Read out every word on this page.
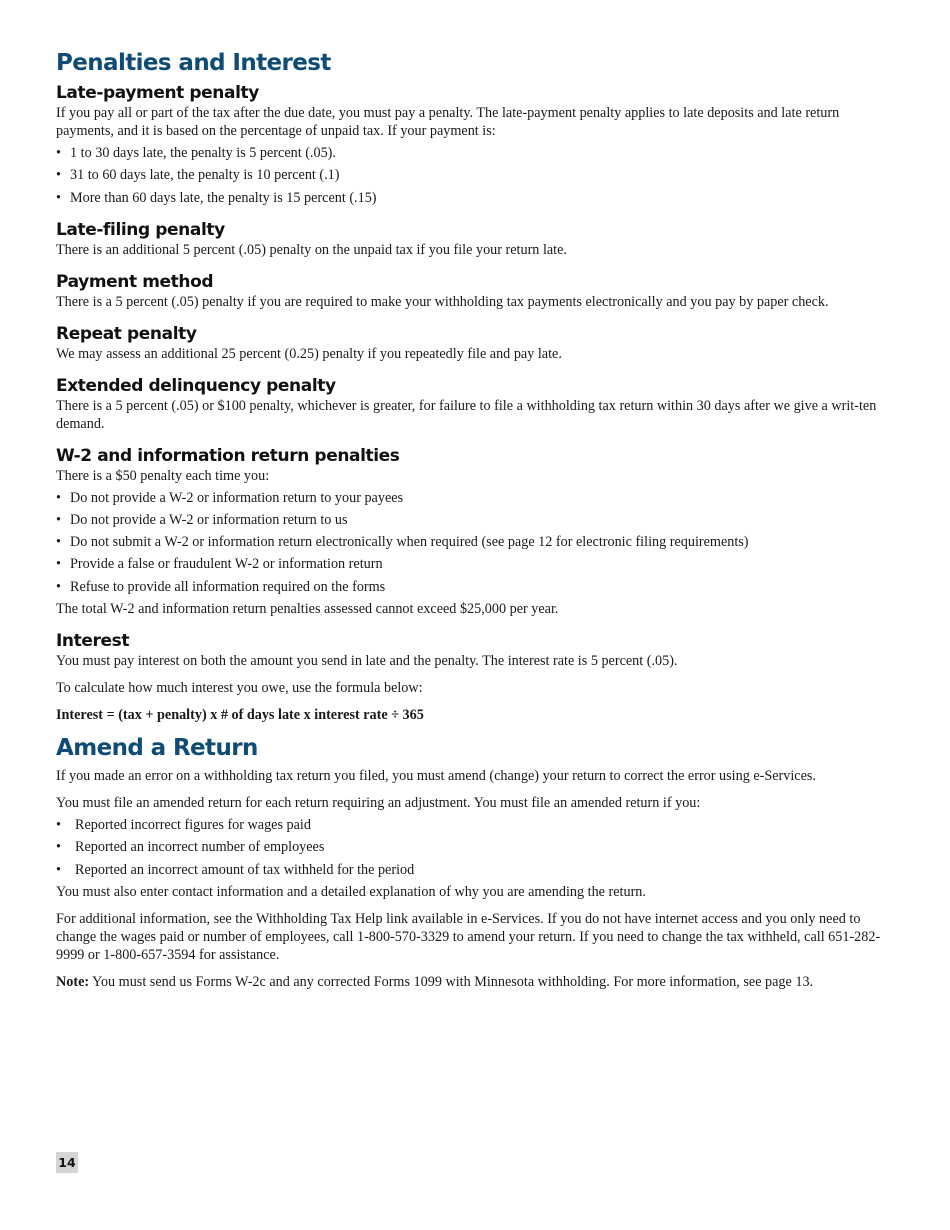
Penalties and Interest
Late-payment penalty

If you pay all or part of the tax after the due date, you must pay a penalty. The late-payment penalty applies to late deposits and late return payments, and it is based on the percentage of unpaid tax. If your payment is:

• 1 to 30 days late, the penalty is 5 percent (.05).
• 31 to 60 days late, the penalty is 10 percent (.1)
• More than 60 days late, the penalty is 15 percent (.15)
Late-filing penalty

There is an additional 5 percent (.05) penalty on the unpaid tax if you file your return late.

Payment method

There is a 5 percent (.05) penalty if you are required to make your withholding tax payments electronically and you pay by paper check.

Repeat penalty

We may assess an additional 25 percent (0.25) penalty if you repeatedly file and pay late.

Extended delinquency penalty

There is a 5 percent (.05) or $100 penalty, whichever is greater, for failure to file a withholding tax return within 30 days after we give a writ-ten demand.

W-2 and information return penalties

There is a $50 penalty each time you:

• Do not provide a W-2 or information return to your payees
• Do not provide a W-2 or information return to us
• Do not submit a W-2 or information return electronically when required (see page 12 for electronic filing requirements)
• Provide a false or fraudulent W-2 or information return
• Refuse to provide all information required on the forms

The total W-2 and information return penalties assessed cannot exceed $25,000 per year.

Interest

You must pay interest on both the amount you send in late and the penalty. The interest rate is 5 percent (.05).

To calculate how much interest you owe, use the formula below:

Interest = (tax + penalty) x # of days late x interest rate ÷ 365

Amend a Return

If you made an error on a withholding tax return you filed, you must amend (change) your return to correct the error using e-Services.

You must file an amended return for each return requiring an adjustment. You must file an amended return if you:

• Reported incorrect figures for wages paid
• Reported an incorrect number of employees
• Reported an incorrect amount of tax withheld for the period

You must also enter contact information and a detailed explanation of why you are amending the return.

For additional information, see the Withholding Tax Help link available in e-Services. If you do not have internet access and you only need to change the wages paid or number of employees, call 1-800-570-3329 to amend your return. If you need to change the tax withheld, call 651-282-9999 or 1-800-657-3594 for assistance.

Note: You must send us Forms W-2c and any corrected Forms 1099 with Minnesota withholding. For more information, see page 13.

14
